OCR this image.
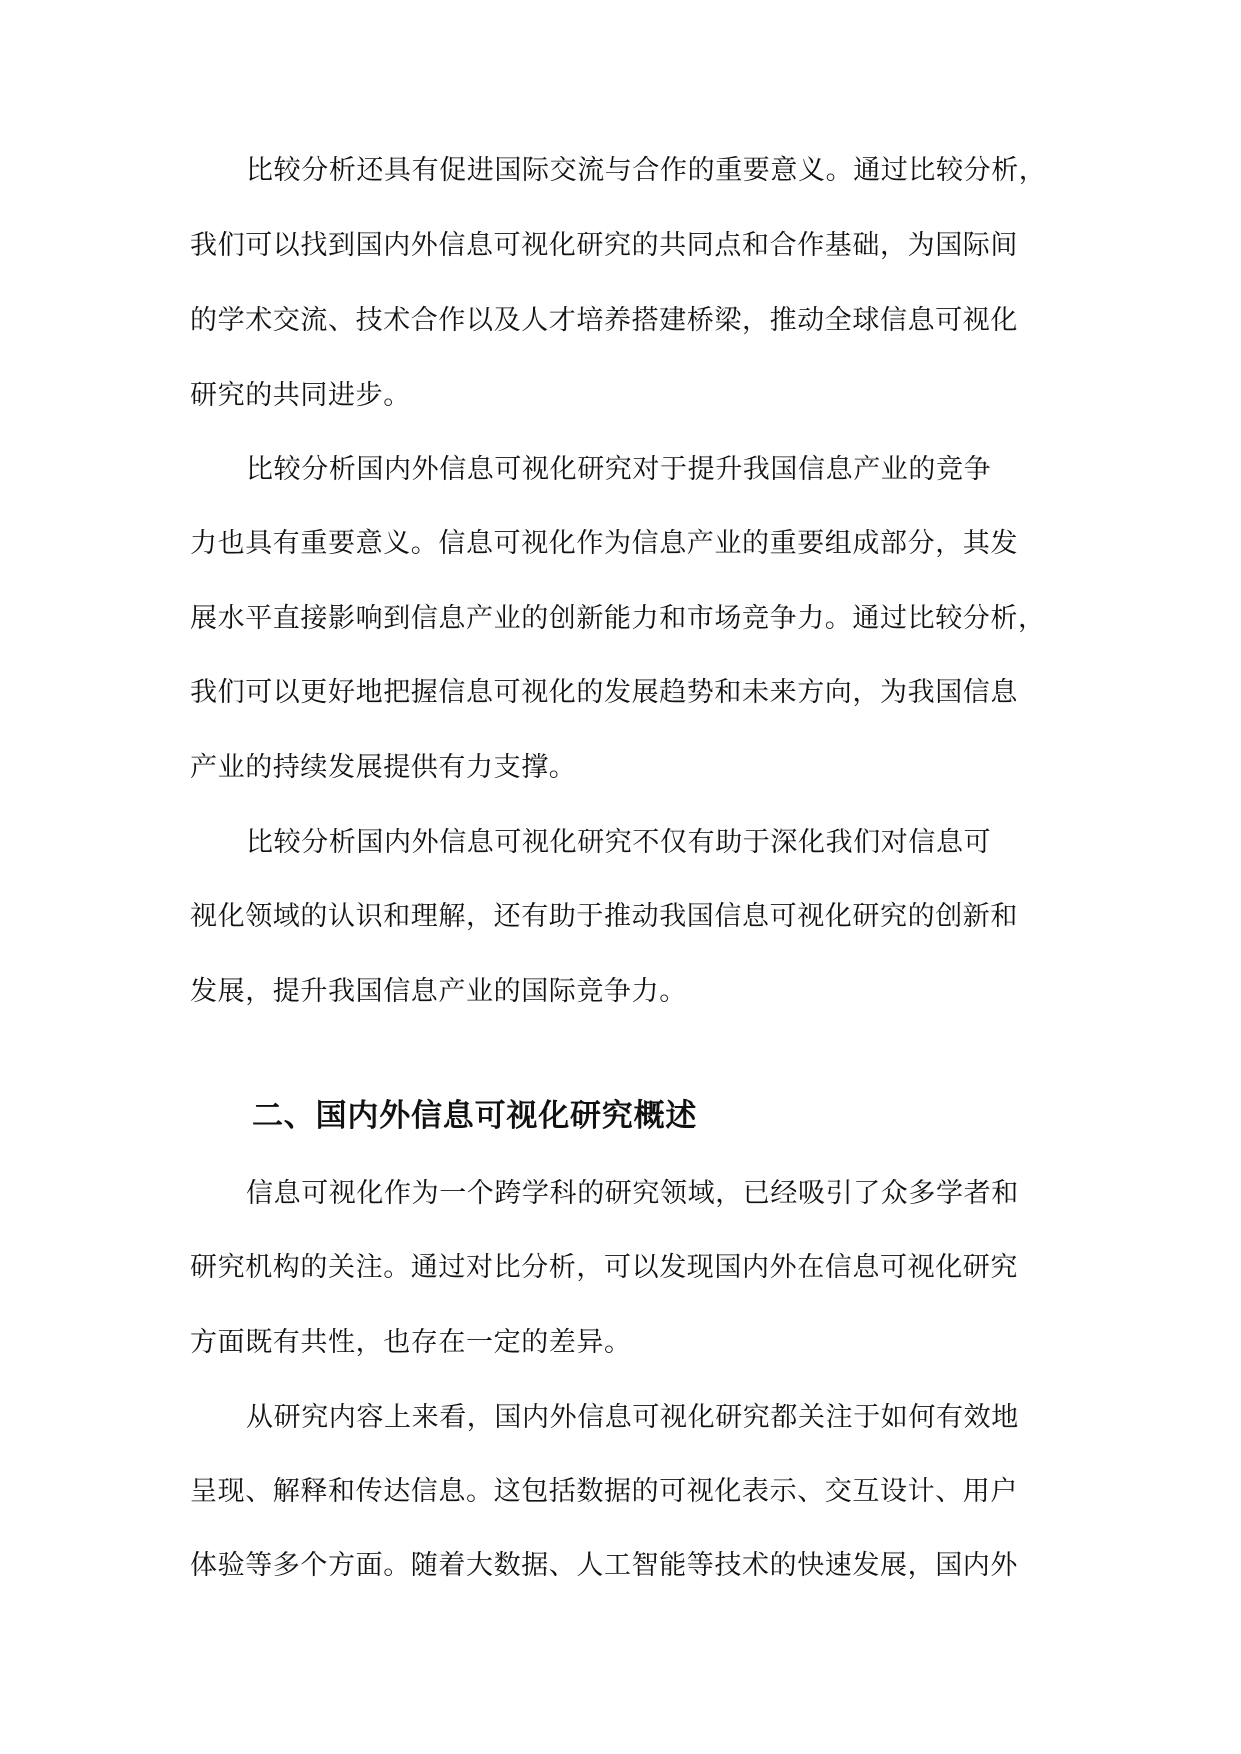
比较分析还具有促进国际交流与合作的重要意义。通过比较分析，
我们可以找到国内外信息可视化研究的共同点和合作基础，为国际间
的学术交流、技术合作以及人才培养搭建桥梁，推动全球信息可视化
研究的共同进步。
比较分析国内外信息可视化研究对于提升我国信息产业的竞争
力也具有重要意义。信息可视化作为信息产业的重要组成部分，其发
展水平直接影响到信息产业的创新能力和市场竞争力。通过比较分析，
我们可以更好地把握信息可视化的发展趋势和未来方向，为我国信息
产业的持续发展提供有力支撑。
比较分析国内外信息可视化研究不仅有助于深化我们对信息可
视化领域的认识和理解，还有助于推动我国信息可视化研究的创新和
发展，提升我国信息产业的国际竞争力。
二、国内外信息可视化研究概述
信息可视化作为一个跨学科的研究领域，已经吸引了众多学者和
研究机构的关注。通过对比分析，可以发现国内外在信息可视化研究
方面既有共性，也存在一定的差异。
从研究内容上来看，国内外信息可视化研究都关注于如何有效地
呈现、解释和传达信息。这包括数据的可视化表示、交互设计、用户
体验等多个方面。随着大数据、人工智能等技术的快速发展，国内外
